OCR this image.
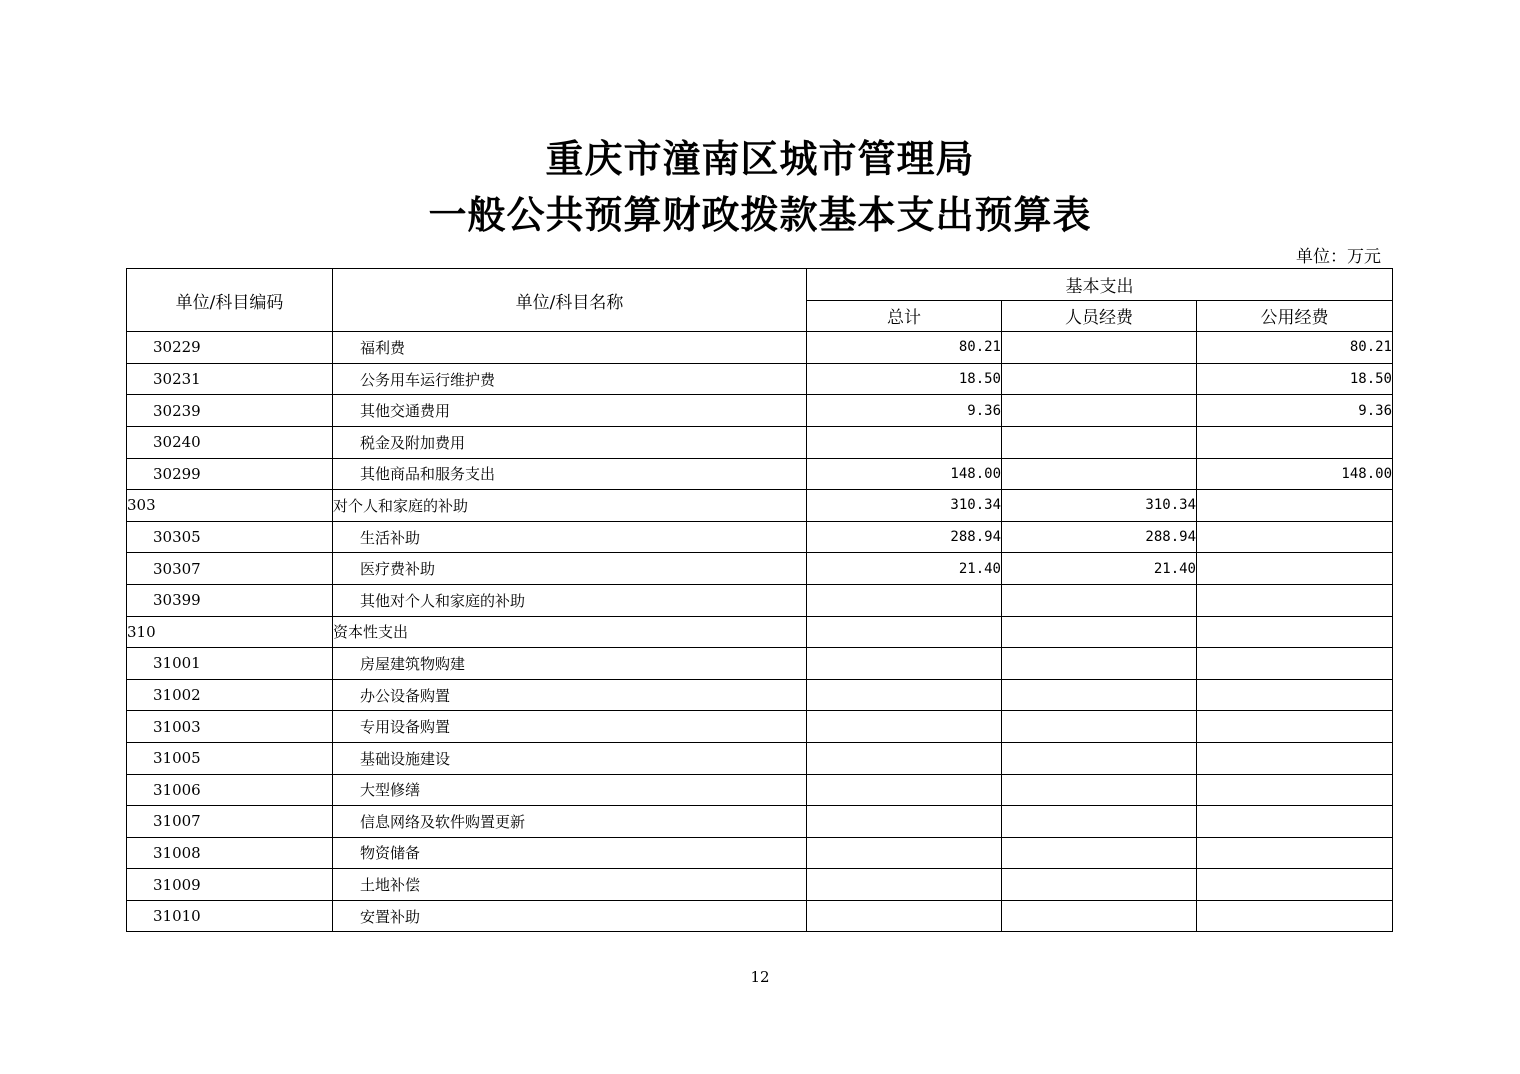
重庆市潼南区城市管理局
一般公共预算财政拨款基本支出预算表
单位：万元
单位/科目编码	单位/科目名称	基本支出		
		总计	人员经费	公用经费
30229	福利费	80.21		80.21
30231	公务用车运行维护费	18.50		18.50
30239	其他交通费用	9.36		9.36
30240	税金及附加费用			
30299	其他商品和服务支出	148.00		148.00
303	对个人和家庭的补助	310.34	310.34	
30305	生活补助	288.94	288.94	
30307	医疗费补助	21.40	21.40	
30399	其他对个人和家庭的补助			
310	资本性支出			
31001	房屋建筑物购建			
31002	办公设备购置			
31003	专用设备购置			
31005	基础设施建设			
31006	大型修缮			
31007	信息网络及软件购置更新			
31008	物资储备			
31009	土地补偿			
31010	安置补助			
12
